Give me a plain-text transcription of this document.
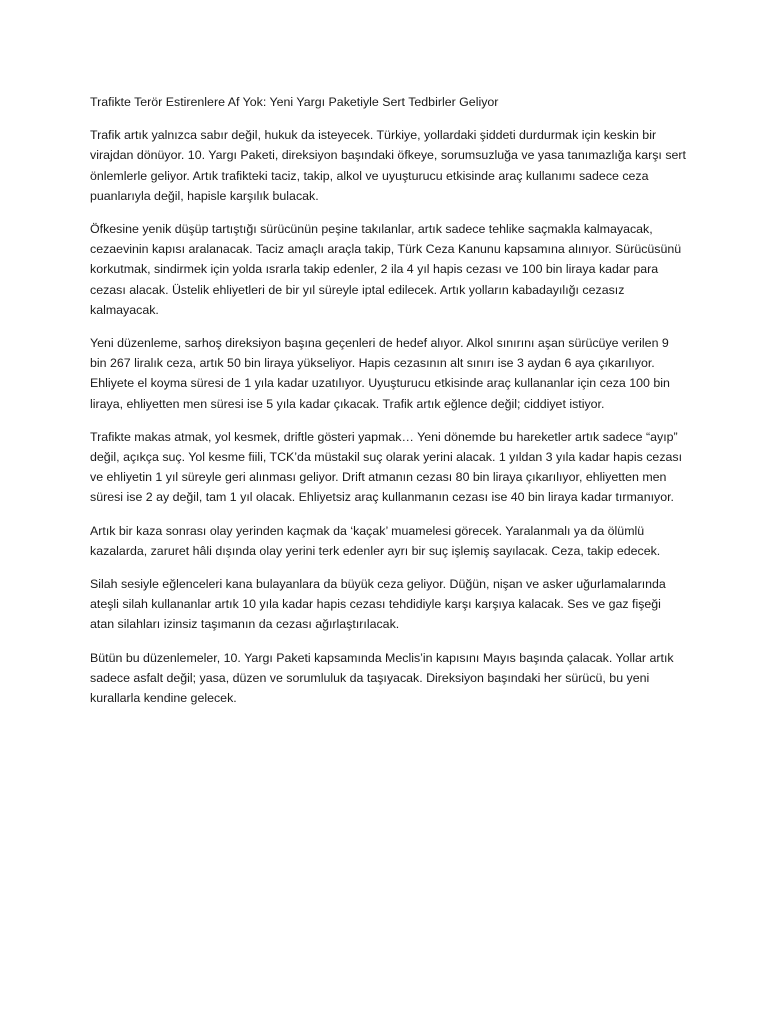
Trafikte Terör Estirenlere Af Yok: Yeni Yargı Paketiyle Sert Tedbirler Geliyor

Trafik artık yalnızca sabır değil, hukuk da isteyecek. Türkiye, yollardaki şiddeti durdurmak için keskin bir virajdan dönüyor. 10. Yargı Paketi, direksiyon başındaki öfkeye, sorumsuzluğa ve yasa tanımazlığa karşı sert önlemlerle geliyor. Artık trafikteki taciz, takip, alkol ve uyuşturucu etkisinde araç kullanımı sadece ceza puanlarıyla değil, hapisle karşılık bulacak.

Öfkesine yenik düşüp tartıştığı sürücünün peşine takılanlar, artık sadece tehlike saçmakla kalmayacak, cezaevinin kapısı aralanacak. Taciz amaçlı araçla takip, Türk Ceza Kanunu kapsamına alınıyor. Sürücüsünü korkutmak, sindirmek için yolda ısrarla takip edenler, 2 ila 4 yıl hapis cezası ve 100 bin liraya kadar para cezası alacak. Üstelik ehliyetleri de bir yıl süreyle iptal edilecek. Artık yolların kabadayılığı cezasız kalmayacak.

Yeni düzenleme, sarhoş direksiyon başına geçenleri de hedef alıyor. Alkol sınırını aşan sürücüye verilen 9 bin 267 liralık ceza, artık 50 bin liraya yükseliyor. Hapis cezasının alt sınırı ise 3 aydan 6 aya çıkarılıyor. Ehliyete el koyma süresi de 1 yıla kadar uzatılıyor. Uyuşturucu etkisinde araç kullananlar için ceza 100 bin liraya, ehliyetten men süresi ise 5 yıla kadar çıkacak. Trafik artık eğlence değil; ciddiyet istiyor.

Trafikte makas atmak, yol kesmek, driftle gösteri yapmak… Yeni dönemde bu hareketler artık sadece “ayıp” değil, açıkça suç. Yol kesme fiili, TCK’da müstakil suç olarak yerini alacak. 1 yıldan 3 yıla kadar hapis cezası ve ehliyetin 1 yıl süreyle geri alınması geliyor. Drift atmanın cezası 80 bin liraya çıkarılıyor, ehliyetten men süresi ise 2 ay değil, tam 1 yıl olacak. Ehliyetsiz araç kullanmanın cezası ise 40 bin liraya kadar tırmanıyor.

Artık bir kaza sonrası olay yerinden kaçmak da ‘kaçak’ muamelesi görecek. Yaralanmalı ya da ölümlü kazalarda, zaruret hâli dışında olay yerini terk edenler ayrı bir suç işlemiş sayılacak. Ceza, takip edecek.

Silah sesiyle eğlenceleri kana bulayanlara da büyük ceza geliyor. Düğün, nişan ve asker uğurlamalarında ateşli silah kullananlar artık 10 yıla kadar hapis cezası tehdidiyle karşı karşıya kalacak. Ses ve gaz fişeği atan silahları izinsiz taşımanın da cezası ağırlaştırılacak.

Bütün bu düzenlemeler, 10. Yargı Paketi kapsamında Meclis’in kapısını Mayıs başında çalacak. Yollar artık sadece asfalt değil; yasa, düzen ve sorumluluk da taşıyacak. Direksiyon başındaki her sürücü, bu yeni kurallarla kendine gelecek.
